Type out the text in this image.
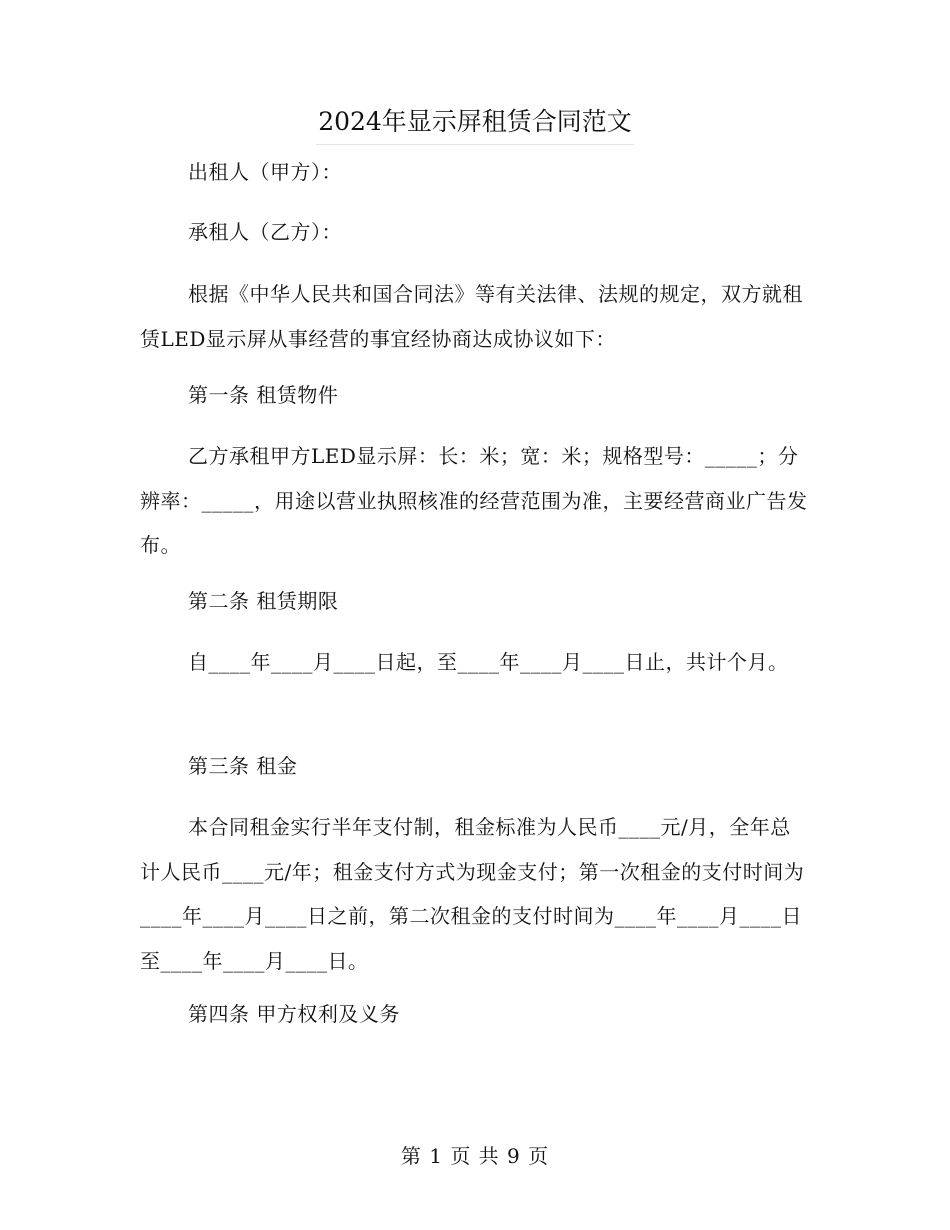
2024年显示屏租赁合同范文

出租人（甲方）：

承租人（乙方）：

根据《中华人民共和国合同法》等有关法律、法规的规定，双方就租赁LED显示屏从事经营的事宜经协商达成协议如下：

第一条 租赁物件

乙方承租甲方LED显示屏：长：米；宽：米；规格型号：_____；分辨率：_____，用途以营业执照核准的经营范围为准，主要经营商业广告发布。

第二条 租赁期限

自____年____月____日起，至____年____月____日止，共计个月。

第三条 租金

本合同租金实行半年支付制，租金标准为人民币____元/月，全年总计人民币____元/年；租金支付方式为现金支付；第一次租金的支付时间为____年____月____日之前，第二次租金的支付时间为____年____月____日至____年____月____日。

第四条 甲方权利及义务

第 1 页 共 9 页
